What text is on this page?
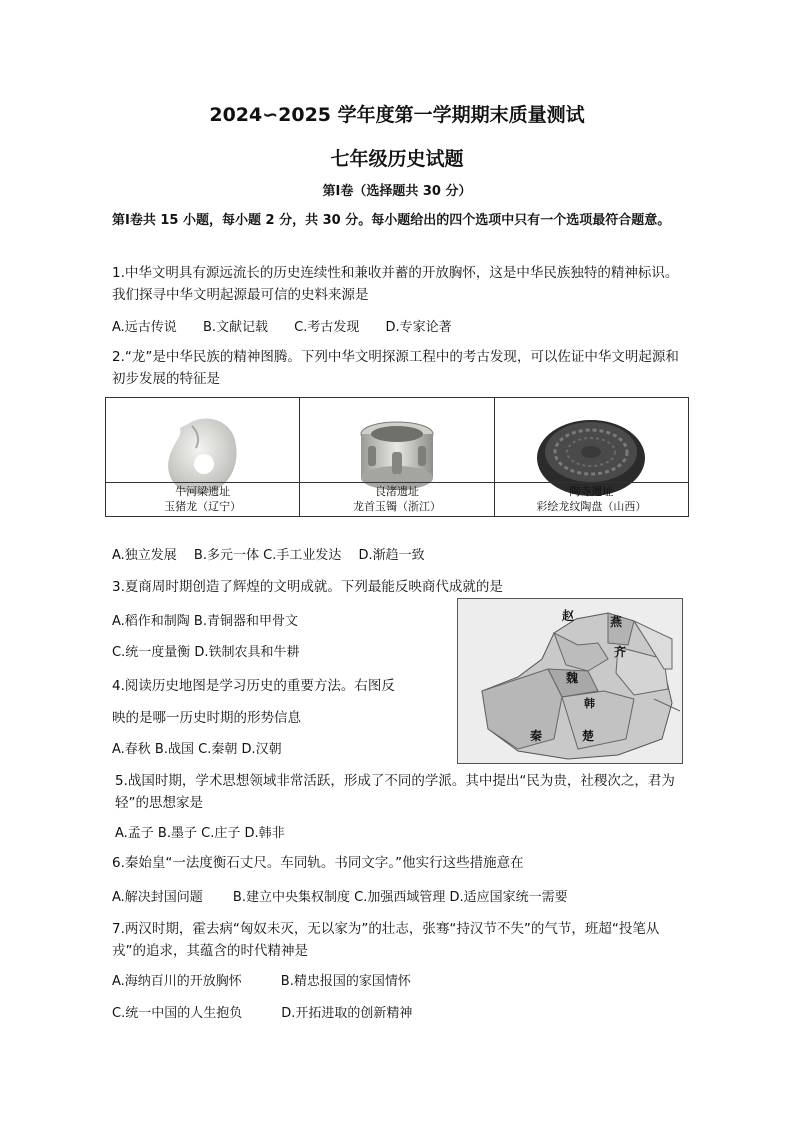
2024∽2025 学年度第一学期期末质量测试
七年级历史试题
第Ⅰ卷（选择题共 30 分）
第Ⅰ卷共 15 小题，每小题 2 分，共 30 分。每小题给出的四个选项中只有一个选项最符合题意。
1.中华文明具有源远流长的历史连续性和兼收并蓄的开放胸怀，这是中华民族独特的精神标识。我们探寻中华文明起源最可信的史料来源是
A.远古传说 B.文献记载 C.考古发现 D.专家论著
2.“龙”是中华民族的精神图腾。下列中华文明探源工程中的考古发现，可以佐证中华文明起源和初步发展的特征是
牛河梁遗址
玉猪龙（辽宁）

良渚遗址
龙首玉镯（浙江）

陶寺遗址
彩绘龙纹陶盘（山西）
A.独立发展　 B.多元一体 C.手工业发达　 D.渐趋一致
3.夏商周时期创造了辉煌的文明成就。下列最能反映商代成就的是
A.稻作和制陶 B.青铜器和甲骨文
C.统一度量衡 D.铁制农具和牛耕
4.阅读历史地图是学习历史的重要方法。右图反
映的是哪一历史时期的形势信息
A.春秋 B.战国 C.秦朝 D.汉朝
赵	燕
齐
魏
韩
秦	楚
5.战国时期，学术思想领域非常活跃，形成了不同的学派。其中提出“民为贵，社稷次之，君为轻”的思想家是
A.孟子 B.墨子 C.庄子 D.韩非
6.秦始皇“一法度衡石丈尺。车同轨。书同文字。”他实行这些措施意在
A.解决封国问题　　 B.建立中央集权制度 C.加强西域管理 D.适应国家统一需要
7.两汉时期，霍去病“匈奴未灭，无以家为”的壮志，张骞“持汉节不失”的气节，班超“投笔从戎”的追求，其蕴含的时代精神是
A.海纳百川的开放胸怀　　　B.精忠报国的家国情怀
C.统一中国的人生抱负　　　D.开拓进取的创新精神
